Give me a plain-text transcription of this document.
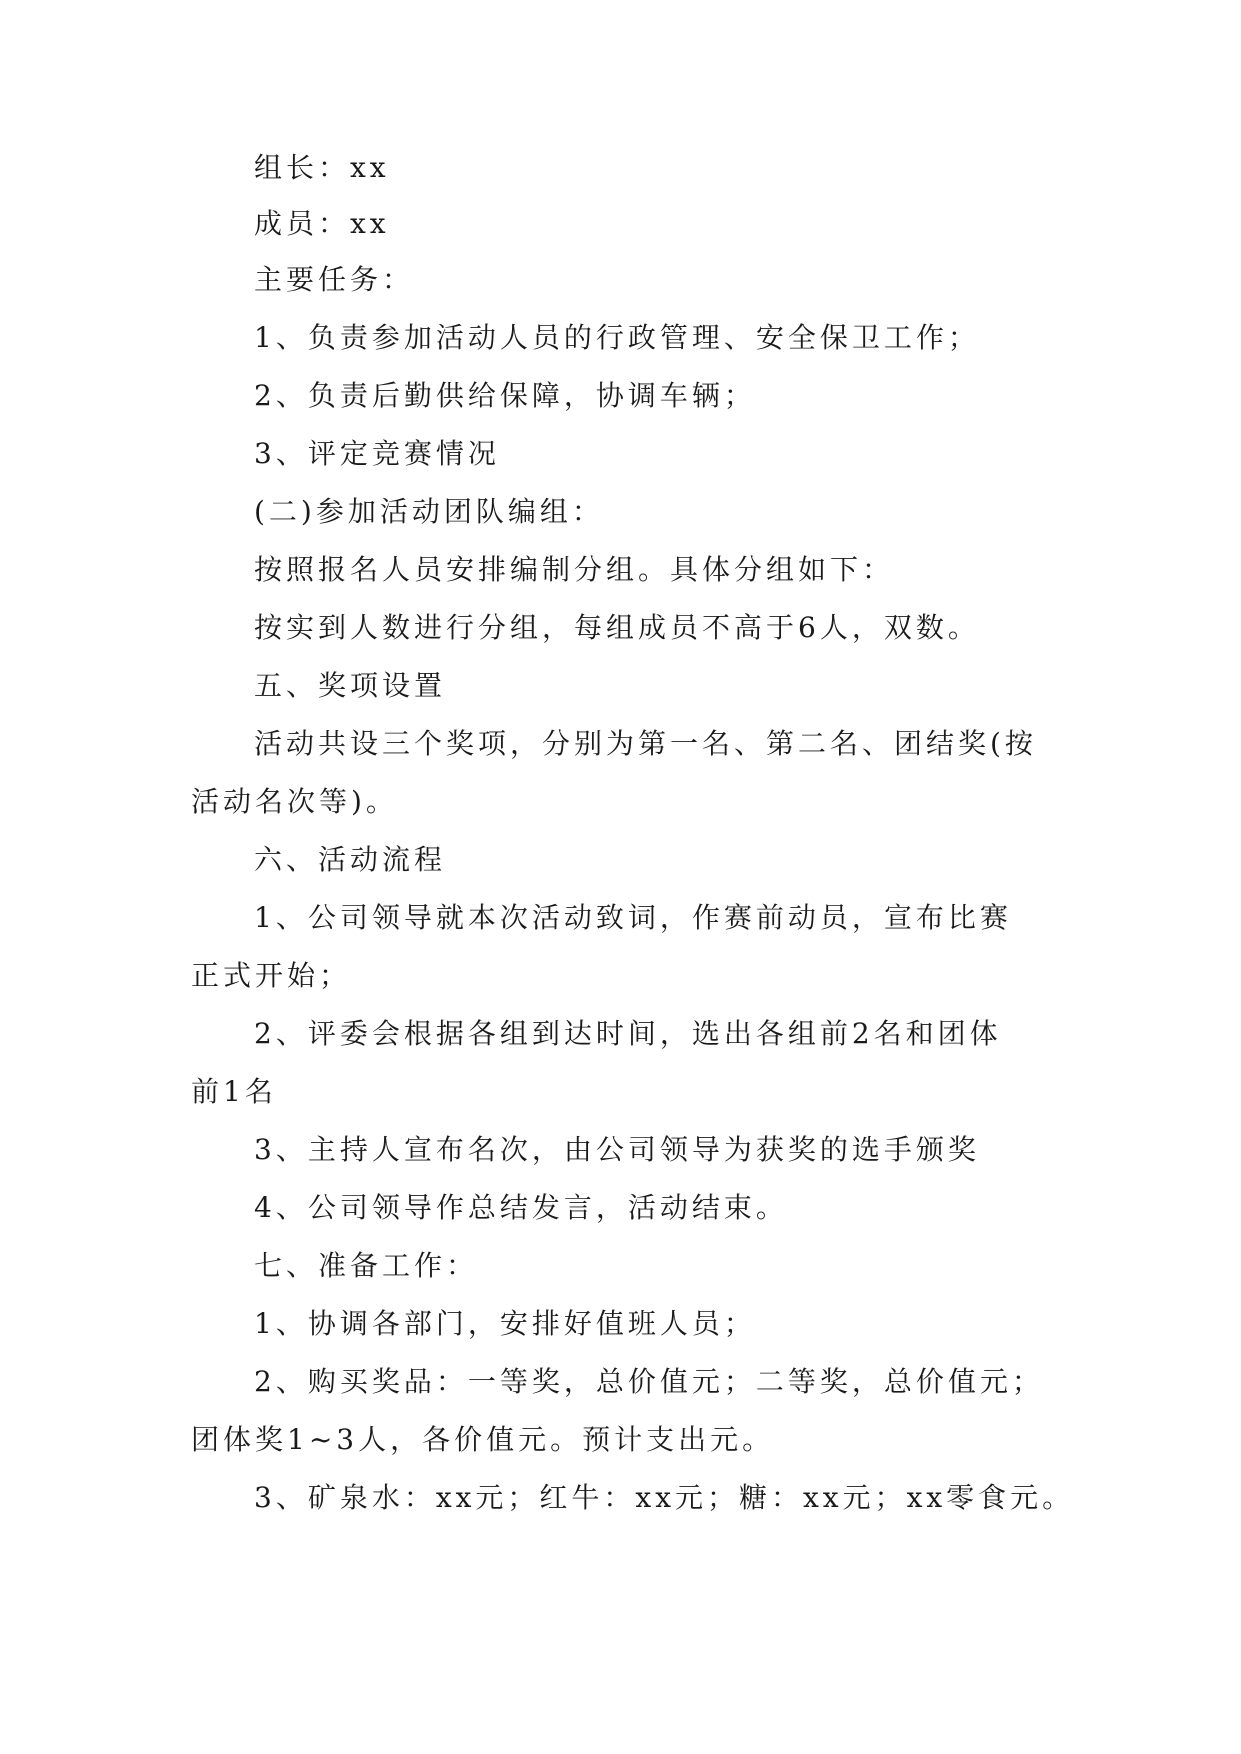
组长：xx
成员：xx
主要任务：
1、负责参加活动人员的行政管理、安全保卫工作；
2、负责后勤供给保障，协调车辆；
3、评定竞赛情况
(二)参加活动团队编组：
按照报名人员安排编制分组。具体分组如下：
按实到人数进行分组，每组成员不高于6人，双数。
五、奖项设置
活动共设三个奖项，分别为第一名、第二名、团结奖(按
活动名次等)。
六、活动流程
1、公司领导就本次活动致词，作赛前动员，宣布比赛
正式开始；
2、评委会根据各组到达时间，选出各组前2名和团体
前1名
3、主持人宣布名次，由公司领导为获奖的选手颁奖
4、公司领导作总结发言，活动结束。
七、准备工作：
1、协调各部门，安排好值班人员；
2、购买奖品：一等奖，总价值元；二等奖，总价值元；
团体奖1~3人，各价值元。预计支出元。
3、矿泉水：xx元；红牛：xx元；糖：xx元；xx零食元。
